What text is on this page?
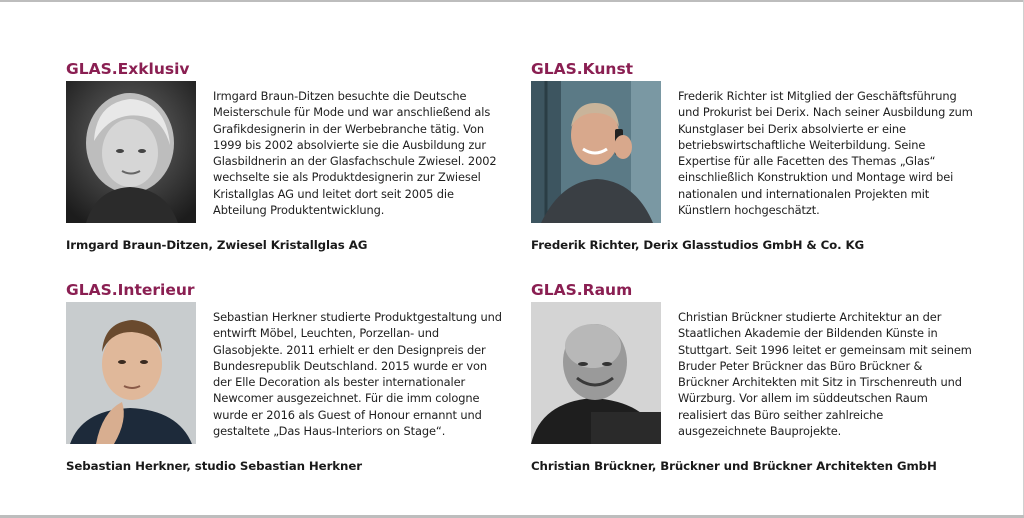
GLAS.Exklusiv

Irmgard Braun-Ditzen besuchte die Deutsche Meisterschule für Mode und war anschließend als Grafikdesignerin in der Werbebranche tätig. Von 1999 bis 2002 absolvierte sie die Ausbildung zur Glasbildnerin an der Glasfachschule Zwiesel. 2002 wechselte sie als Produktdesignerin zur Zwiesel Kristallglas AG und leitet dort seit 2005 die Abteilung Produktentwicklung.

Irmgard Braun-Ditzen, Zwiesel Kristallglas AG

GLAS.Kunst

Frederik Richter ist Mitglied der Geschäftsführung und Prokurist bei Derix. Nach seiner Ausbildung zum Kunstglaser bei Derix absolvierte er eine betriebswirtschaftliche Weiterbildung. Seine Expertise für alle Facetten des Themas „Glas“ einschließlich Konstruktion und Montage wird bei nationalen und internationalen Projekten mit Künstlern hochgeschätzt.

Frederik Richter, Derix Glasstudios GmbH & Co. KG

GLAS.Interieur

Sebastian Herkner studierte Produktgestaltung und entwirft Möbel, Leuchten, Porzellan- und Glasobjekte. 2011 erhielt er den Designpreis der Bundesrepublik Deutschland. 2015 wurde er von der Elle Decoration als bester internationaler Newcomer ausgezeichnet. Für die imm cologne wurde er 2016 als Guest of Honour ernannt und gestaltete „Das Haus-Interiors on Stage“.

Sebastian Herkner, studio Sebastian Herkner

GLAS.Raum

Christian Brückner studierte Architektur an der Staatlichen Akademie der Bildenden Künste in Stuttgart. Seit 1996 leitet er gemeinsam mit seinem Bruder Peter Brückner das Büro Brückner & Brückner Architekten mit Sitz in Tirschenreuth und Würzburg. Vor allem im süddeutschen Raum realisiert das Büro seither zahlreiche ausgezeichnete Bauprojekte.

Christian Brückner, Brückner und Brückner Architekten GmbH
